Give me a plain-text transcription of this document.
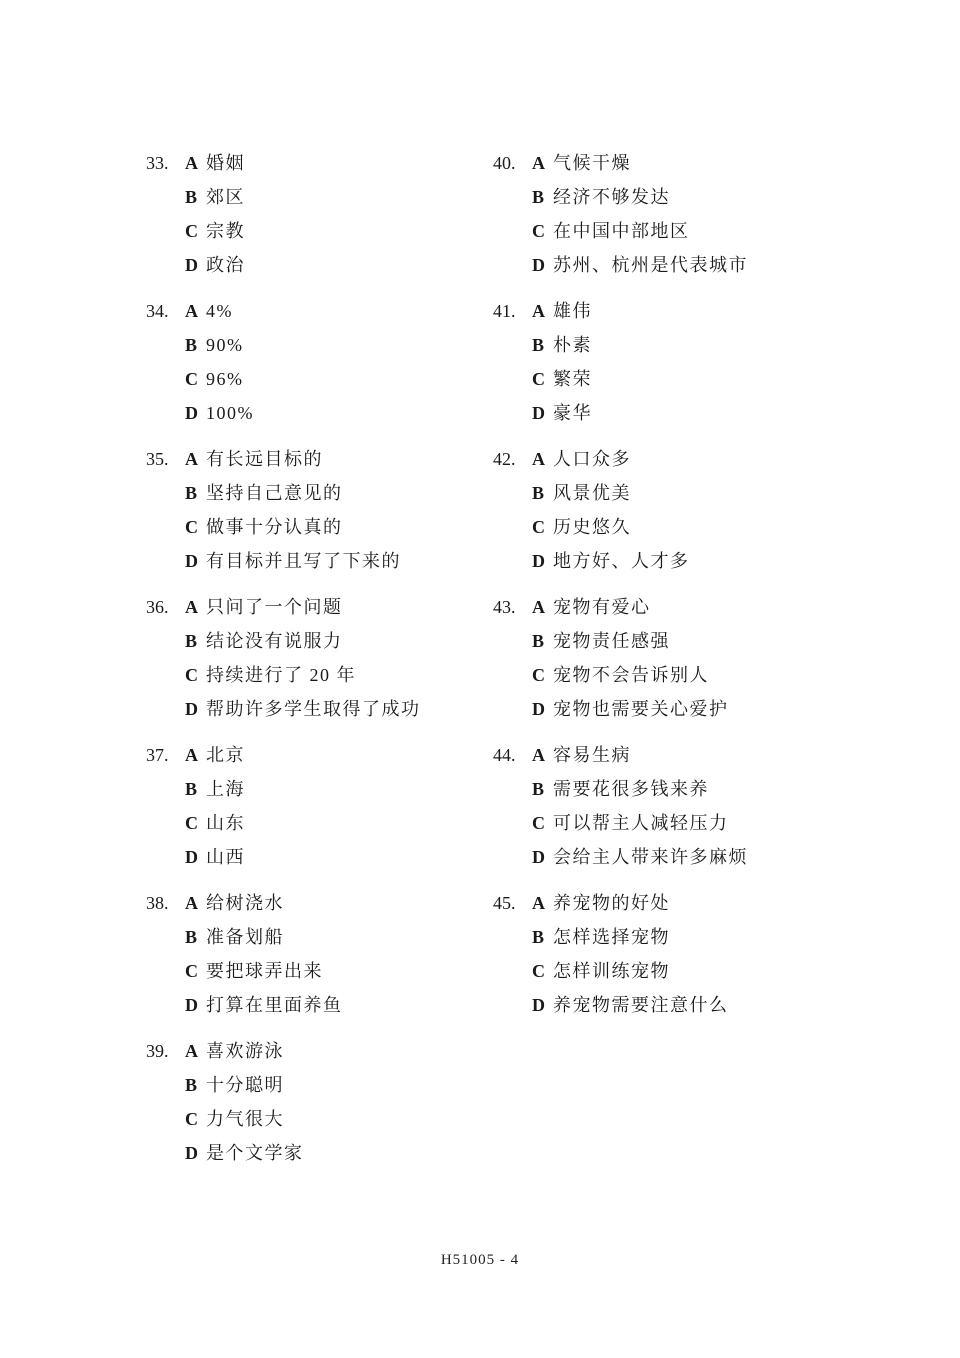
33. A 婚姻
B 郊区
C 宗教
D 政治
34. A 4%
B 90%
C 96%
D 100%
35. A 有长远目标的
B 坚持自己意见的
C 做事十分认真的
D 有目标并且写了下来的
36. A 只问了一个问题
B 结论没有说服力
C 持续进行了 20 年
D 帮助许多学生取得了成功
37. A 北京
B 上海
C 山东
D 山西
38. A 给树浇水
B 准备划船
C 要把球弄出来
D 打算在里面养鱼
39. A 喜欢游泳
B 十分聪明
C 力气很大
D 是个文学家
40. A 气候干燥
B 经济不够发达
C 在中国中部地区
D 苏州、杭州是代表城市
41. A 雄伟
B 朴素
C 繁荣
D 豪华
42. A 人口众多
B 风景优美
C 历史悠久
D 地方好、人才多
43. A 宠物有爱心
B 宠物责任感强
C 宠物不会告诉别人
D 宠物也需要关心爱护
44. A 容易生病
B 需要花很多钱来养
C 可以帮主人减轻压力
D 会给主人带来许多麻烦
45. A 养宠物的好处
B 怎样选择宠物
C 怎样训练宠物
D 养宠物需要注意什么
H51005 - 4
